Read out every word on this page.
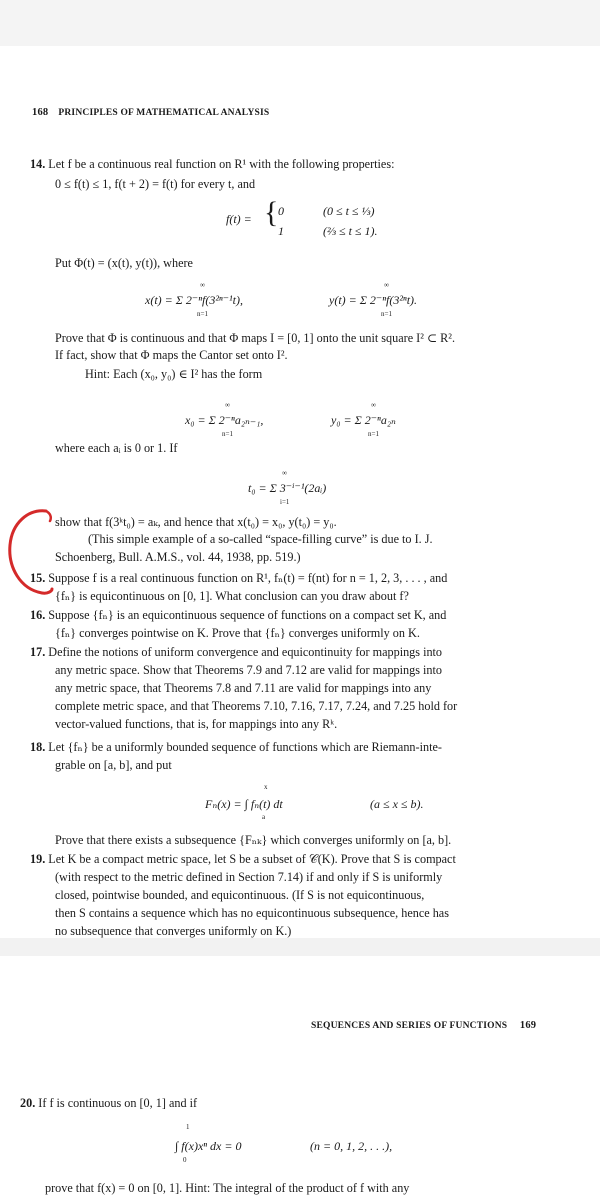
168 PRINCIPLES OF MATHEMATICAL ANALYSIS
14. Let f be a continuous real function on R¹ with the following properties:
0 ≤ f(t) ≤ 1, f(t + 2) = f(t) for every t, and
f(t) = { 0	(0 ≤ t ≤ ⅓)
1	(⅔ ≤ t ≤ 1).
Put Φ(t) = (x(t), y(t)), where
x(t) = Σ 2⁻ⁿf(3²ⁿ⁻¹t),	y(t) = Σ 2⁻ⁿf(3²ⁿt).
∞
n=1
∞
n=1
Prove that Φ is continuous and that Φ maps I = [0, 1] onto the unit square I² ⊂ R².
If fact, show that Φ maps the Cantor set onto I².
Hint: Each (x₀, y₀) ∈ I² has the form
x₀ = Σ 2⁻ⁿa₂ₙ₋₁,	y₀ = Σ 2⁻ⁿa₂ₙ
∞
n=1
∞
n=1
where each aᵢ is 0 or 1. If
t₀ = Σ 3⁻ⁱ⁻¹(2aᵢ)
∞
i=1
show that f(3ᵏt₀) = aₖ, and hence that x(t₀) = x₀, y(t₀) = y₀.
(This simple example of a so-called “space-filling curve” is due to I. J.
Schoenberg, Bull. A.M.S., vol. 44, 1938, pp. 519.)
15. Suppose f is a real continuous function on R¹, fₙ(t) = f(nt) for n = 1, 2, 3, . . . , and
{fₙ} is equicontinuous on [0, 1]. What conclusion can you draw about f?
16. Suppose {fₙ} is an equicontinuous sequence of functions on a compact set K, and
{fₙ} converges pointwise on K. Prove that {fₙ} converges uniformly on K.
17. Define the notions of uniform convergence and equicontinuity for mappings into
any metric space. Show that Theorems 7.9 and 7.12 are valid for mappings into
any metric space, that Theorems 7.8 and 7.11 are valid for mappings into any
complete metric space, and that Theorems 7.10, 7.16, 7.17, 7.24, and 7.25 hold for
vector-valued functions, that is, for mappings into any Rᵏ.
18. Let {fₙ} be a uniformly bounded sequence of functions which are Riemann-inte-
grable on [a, b], and put
Fₙ(x) = ∫ fₙ(t) dt
x
a
(a ≤ x ≤ b).
Prove that there exists a subsequence {Fₙₖ} which converges uniformly on [a, b].
19. Let K be a compact metric space, let S be a subset of 𝒞(K). Prove that S is compact
(with respect to the metric defined in Section 7.14) if and only if S is uniformly
closed, pointwise bounded, and equicontinuous. (If S is not equicontinuous,
then S contains a sequence which has no equicontinuous subsequence, hence has
no subsequence that converges uniformly on K.)
SEQUENCES AND SERIES OF FUNCTIONS 169
20. If f is continuous on [0, 1] and if
∫ f(x)xⁿ dx = 0
1
0
(n = 0, 1, 2, . . .),
prove that f(x) = 0 on [0, 1]. Hint: The integral of the product of f with any
